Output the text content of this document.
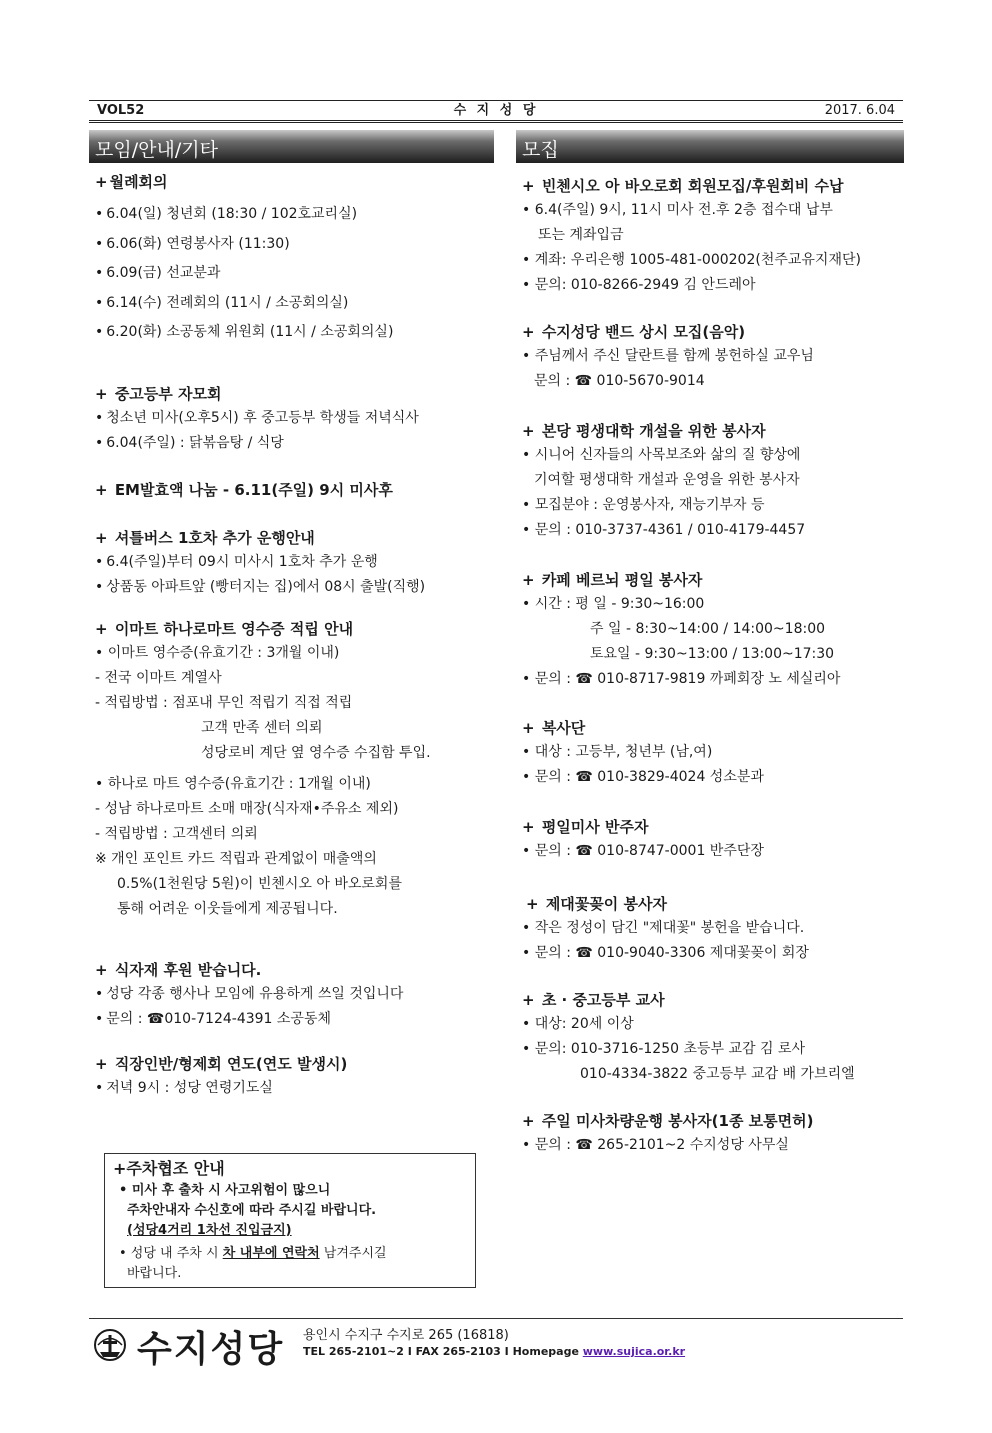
VOL52	수 지 성 당	2017. 6.04
모임/안내/기타
+ 월례회의
• 6.04(일) 청년회 (18:30 / 102호교리실)
• 6.06(화) 연령봉사자 (11:30)
• 6.09(금) 선교분과
• 6.14(수) 전례회의 (11시 / 소공회의실)
• 6.20(화) 소공동체 위원회 (11시 / 소공회의실)
+ 중고등부 자모회
• 청소년 미사(오후5시) 후 중고등부 학생들 저녁식사
• 6.04(주일) : 닭볶음탕 / 식당
+ EM발효액 나눔 - 6.11(주일) 9시 미사후
+ 셔틀버스 1호차 추가 운행안내
• 6.4(주일)부터 09시 미사시 1호차 추가 운행
• 상품동 아파트앞 (빵터지는 집)에서 08시 출발(직행)
+ 이마트 하나로마트 영수증 적립 안내
• 이마트 영수증(유효기간 : 3개월 이내)
- 전국 이마트 계열사
- 적립방법 : 점포내 무인 적립기 직접 적립
고객 만족 센터 의뢰
성당로비 계단 옆 영수증 수집함 투입.
• 하나로 마트 영수증(유효기간 : 1개월 이내)
- 성남 하나로마트 소매 매장(식자재•주유소 제외)
- 적립방법 : 고객센터 의뢰
※ 개인 포인트 카드 적립과 관계없이 매출액의
0.5%(1천원당 5원)이 빈첸시오 아 바오로회를
통해 어려운 이웃들에게 제공됩니다.
+ 식자재 후원 받습니다.
• 성당 각종 행사나 모임에 유용하게 쓰일 것입니다
• 문의 : ☎010-7124-4391 소공동체
+ 직장인반/형제회 연도(연도 발생시)
• 저녁 9시 : 성당 연령기도실
+주차협조 안내
• 미사 후 출차 시 사고위험이 많으니
주차안내자 수신호에 따라 주시길 바랍니다.
(성당4거리 1차선 진입금지)
• 성당 내 주차 시 차 내부에 연락처 남겨주시길
바랍니다.
모집
+ 빈첸시오 아 바오로회 회원모집/후원회비 수납
• 6.4(주일) 9시, 11시 미사 전.후 2층 접수대 납부
또는 계좌입금
• 계좌: 우리은행 1005-481-000202(천주교유지재단)
• 문의: 010-8266-2949 김 안드레아
+ 수지성당 밴드 상시 모집(음악)
• 주님께서 주신 달란트를 함께 봉헌하실 교우님
문의 : ☎ 010-5670-9014
+ 본당 평생대학 개설을 위한 봉사자
• 시니어 신자들의 사목보조와 삶의 질 향상에
기여할 평생대학 개설과 운영을 위한 봉사자
• 모집분야 : 운영봉사자, 재능기부자 등
• 문의 : 010-3737-4361 / 010-4179-4457
+ 카페 베르뇌 평일 봉사자
• 시간 : 평 일 - 9:30~16:00
주 일 - 8:30~14:00 / 14:00~18:00
토요일 - 9:30~13:00 / 13:00~17:30
• 문의 : ☎ 010-8717-9819 까페회장 노 세실리아
+ 복사단
• 대상 : 고등부, 청년부 (남,여)
• 문의 : ☎ 010-3829-4024 성소분과
+ 평일미사 반주자
• 문의 : ☎ 010-8747-0001 반주단장
+ 제대꽃꽂이 봉사자
• 작은 정성이 담긴 "제대꽃" 봉헌을 받습니다.
• 문의 : ☎ 010-9040-3306 제대꽃꽂이 회장
+ 초 · 중고등부 교사
• 대상: 20세 이상
• 문의: 010-3716-1250 초등부 교감 김 로사
010-4334-3822 중고등부 교감 배 가브리엘
+ 주일 미사차량운행 봉사자(1종 보통면허)
• 문의 : ☎ 265-2101~2 수지성당 사무실
수지성당 용인시 수지구 수지로 265 (16818)
TEL 265-2101~2 I FAX 265-2103 I Homepage www.sujica.or.kr
